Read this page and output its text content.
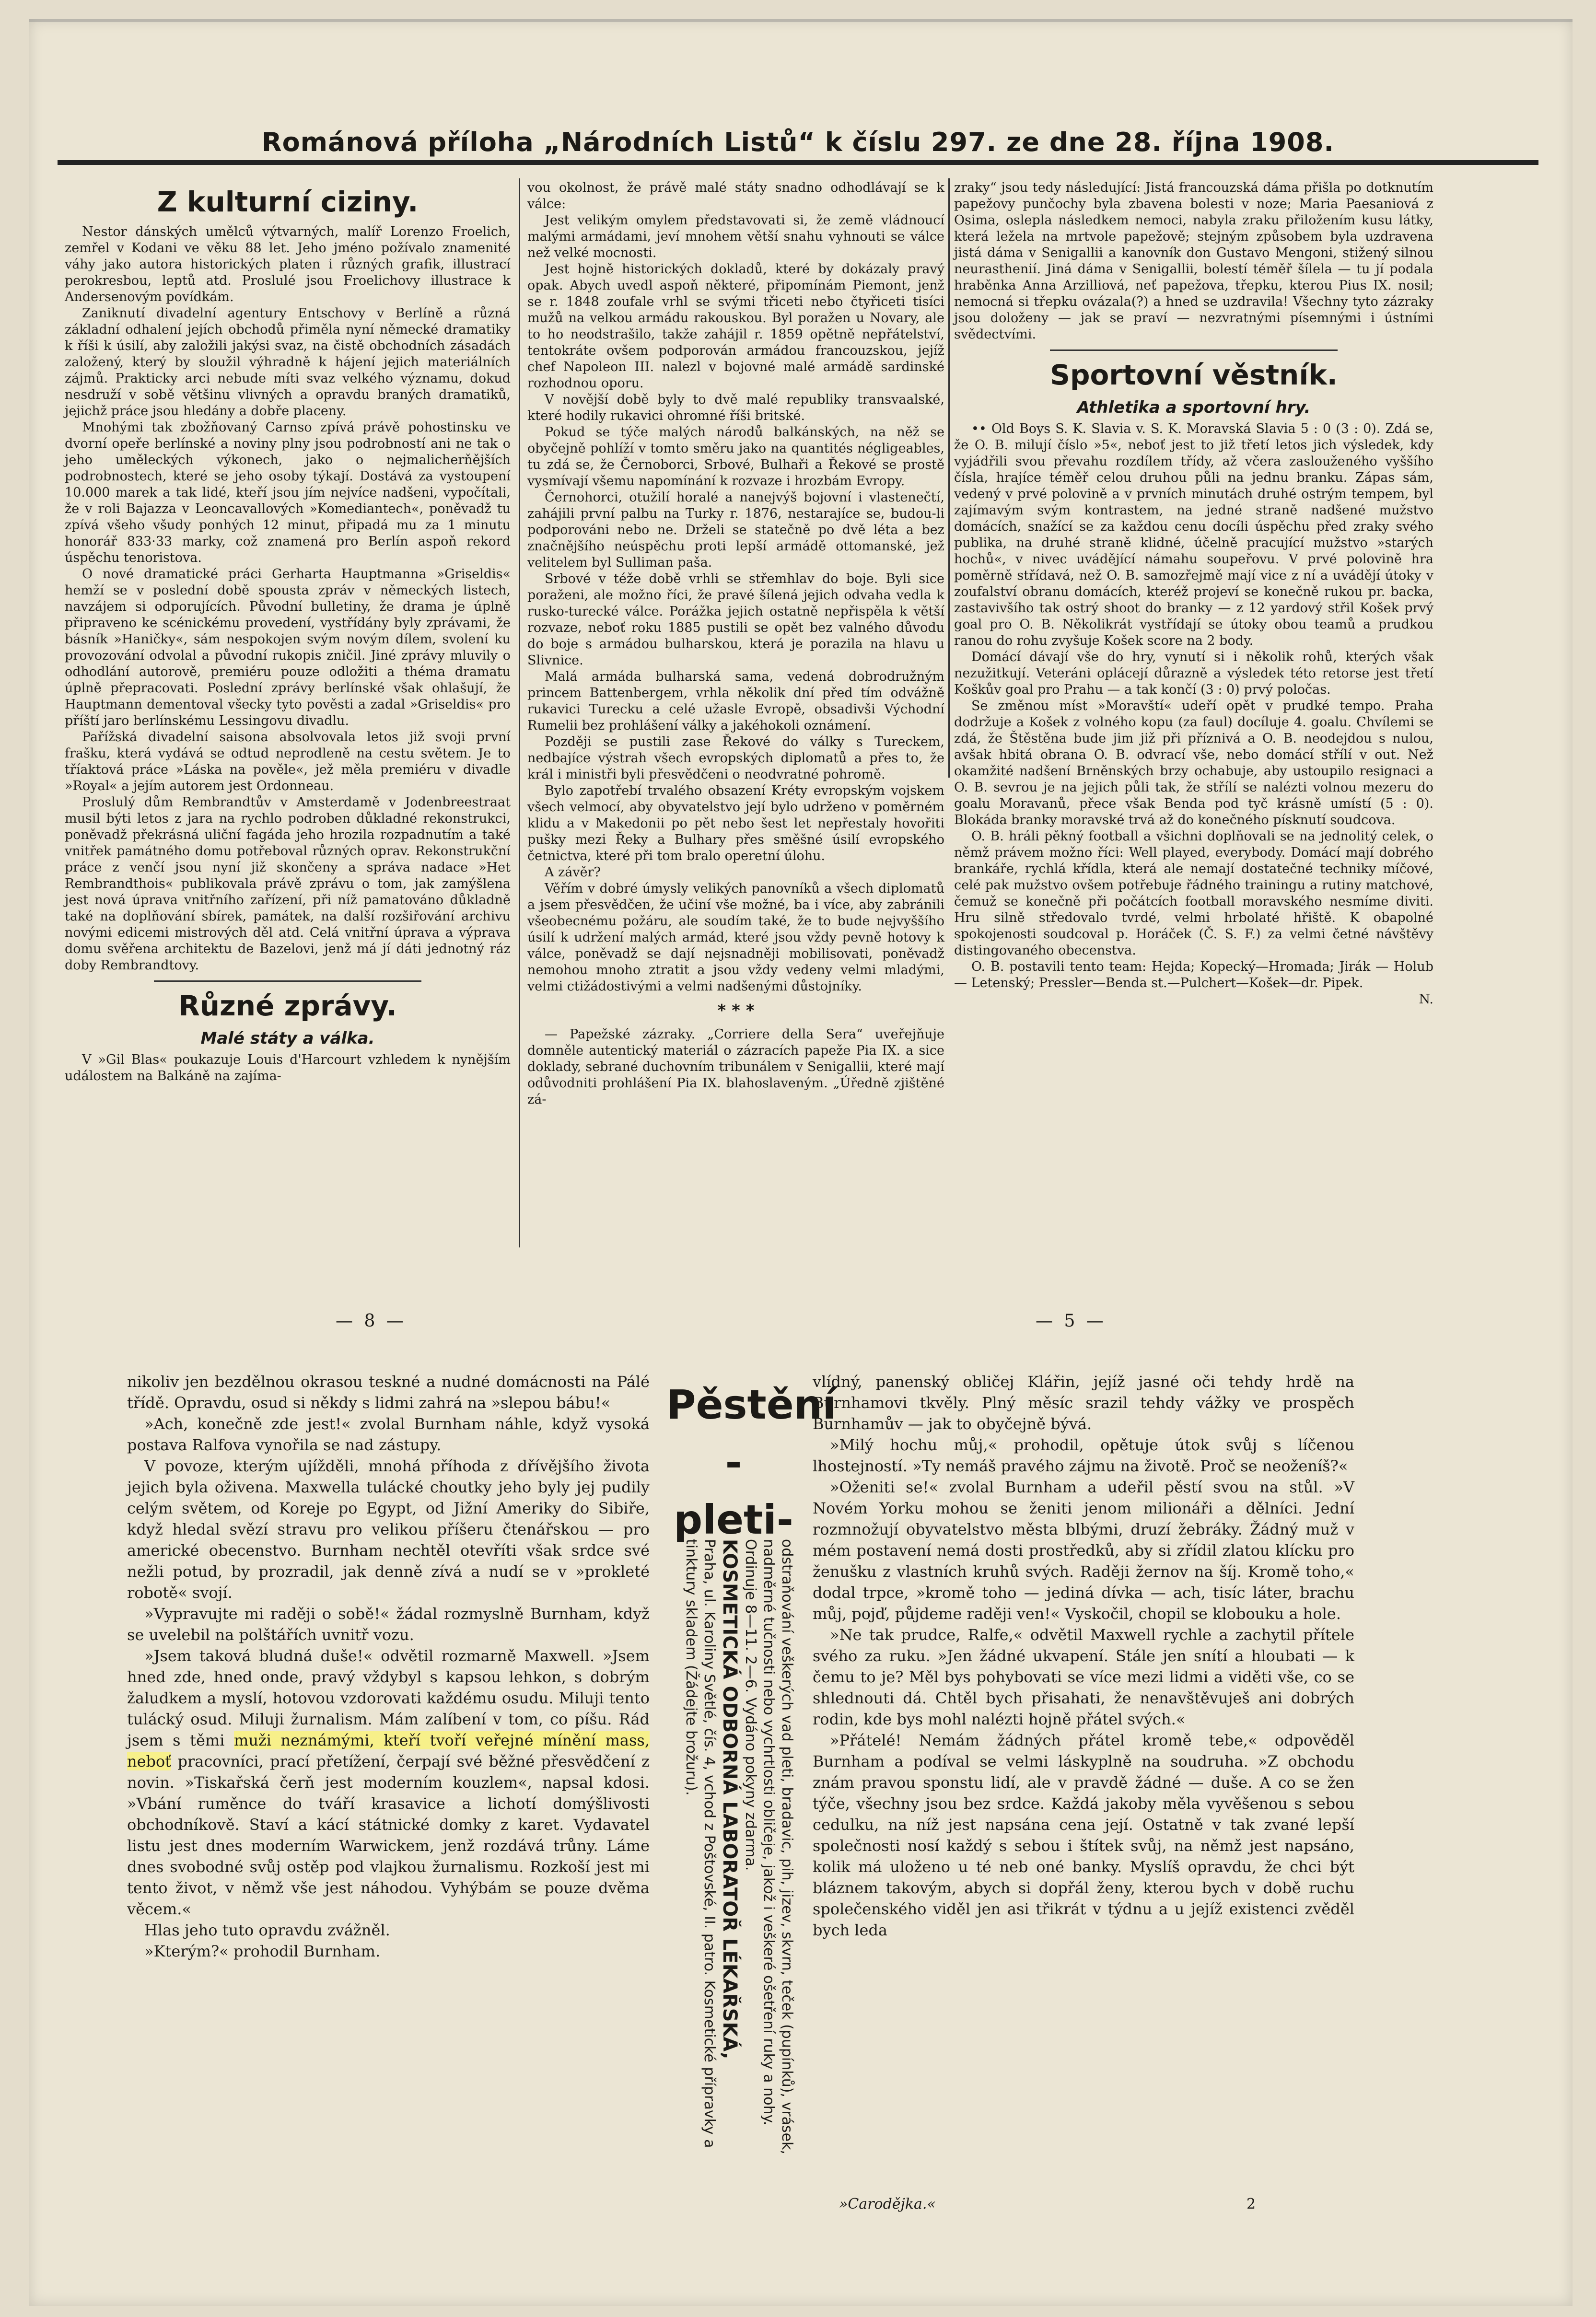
Románová příloha „Národních Listů“ k číslu 297. ze dne 28. října 1908.
Z kulturní ciziny.

Nestor dánských umělců výtvarných, malíř Lorenzo Froelich, zemřel v Kodani ve věku 88 let. Jeho jméno požívalo znamenité váhy jako autora historických platen i různých grafik, illustrací perokresbou, leptů atd. Proslulé jsou Froelichovy illustrace k Andersenovým povídkám.

Zaniknutí divadelní agentury Entschovy v Berlíně a různá základní odhalení jejích obchodů přiměla nyní německé dramatiky k říši k úsilí, aby založili jakýsi svaz, na čistě obchodních zásadách založený, který by sloužil výhradně k hájení jejich materiálních zájmů. Prakticky arci nebude míti svaz velkého významu, dokud nesdruží v sobě většinu vlivných a opravdu braných dramatiků, jejichž práce jsou hledány a dobře placeny.

Mnohými tak zbožňovaný Carnso zpívá právě pohostinsku ve dvorní opeře berlínské a noviny plny jsou podrobností ani ne tak o jeho uměleckých výkonech, jako o nejmalicherňějších podrobnostech, které se jeho osoby týkají. Dostává za vystoupení 10.000 marek a tak lidé, kteří jsou jím nejvíce nadšeni, vypočítali, že v roli Bajazza v Leoncavallových »Komediantech«, poněvadž tu zpívá všeho všudy ponhých 12 minut, připadá mu za 1 minutu honorář 833·33 marky, což znamená pro Berlín aspoň rekord úspěchu tenoristova.

O nové dramatické práci Gerharta Hauptmanna »Griseldis« hemží se v poslední době spousta zpráv v německých listech, navzájem si odporujících. Původní bulletiny, že drama je úplně připraveno ke scénickému provedení, vystřídány byly zprávami, že básník »Haničky«, sám nespokojen svým novým dílem, svolení ku provozování odvolal a původní rukopis zničil. Jiné zprávy mluvily o odhodlání autorově, premiéru pouze odložiti a théma dramatu úplně přepracovati. Poslední zprávy berlínské však ohlašují, že Hauptmann dementoval všecky tyto pověsti a zadal »Griseldis« pro příští jaro berlínskému Lessingovu divadlu.

Pařížská divadelní saisona absolvovala letos již svoji první frašku, která vydává se odtud neprodleně na cestu světem. Je to tříaktová práce »Láska na pověle«, jež měla premiéru v divadle »Royal« a jejím autorem jest Ordonneau.

Proslulý dům Rembrandtův v Amsterdamě v Jodenbreestraat musil býti letos z jara na rychlo podroben důkladné rekonstrukci, poněvadž překrásná uliční fagáda jeho hrozila rozpadnutím a také vnitřek památného domu potřeboval různých oprav. Rekonstrukční práce z venčí jsou nyní již skončeny a správa nadace »Het Rembrandthois« publikovala právě zprávu o tom, jak zamýšlena jest nová úprava vnitřního zařízení, při níž pamatováno důkladně také na doplňování sbírek, památek, na další rozšiřování archivu novými edicemi mistrových děl atd. Celá vnitřní úprava a výprava domu svěřena architektu de Bazelovi, jenž má jí dáti jednotný ráz doby Rembrandtovy.

Různé zprávy.
Malé státy a válka.

V »Gil Blas« poukazuje Louis d'Harcourt vzhledem k nynějším událostem na Balkáně na zajíma-

vou okolnost, že právě malé státy snadno odhodlávají se k válce:

Jest velikým omylem představovati si, že země vládnoucí malými armádami, jeví mnohem větší snahu vyhnouti se válce než velké mocnosti.

Jest hojně historických dokladů, které by dokázaly pravý opak. Abych uvedl aspoň některé, připomínám Piemont, jenž se r. 1848 zoufale vrhl se svými třiceti nebo čtyřiceti tisíci mužů na velkou armádu rakouskou. Byl poražen u Novary, ale to ho neodstrašilo, takže zahájil r. 1859 opětně nepřátelství, tentokráte ovšem podporován armádou francouzskou, jejíž chef Napoleon III. nalezl v bojovné malé armádě sardinské rozhodnou oporu.

V novější době byly to dvě malé republiky transvaalské, které hodily rukavici ohromné říši britské.

Pokud se týče malých národů balkánských, na něž se obyčejně pohlíží v tomto směru jako na quantités négligeables, tu zdá se, že Černoborci, Srbové, Bulhaři a Řekové se prostě vysmívají všemu napomínání k rozvaze i hrozbám Evropy.

Černohorci, otužilí horalé a nanejvýš bojovní i vlastenečtí, zahájili první palbu na Turky r. 1876, nestarajíce se, budou-li podporováni nebo ne. Drželi se statečně po dvě léta a bez značnějšího neúspěchu proti lepší armádě ottomanské, jež velitelem byl Sulliman paša.

Srbové v téže době vrhli se střemhlav do boje. Byli sice poraženi, ale možno říci, že pravé šílená jejich odvaha vedla k rusko-turecké válce. Porážka jejich ostatně nepřispěla k větší rozvaze, neboť roku 1885 pustili se opět bez valného důvodu do boje s armádou bulharskou, která je porazila na hlavu u Slivnice.

Malá armáda bulharská sama, vedená dobrodružným princem Battenbergem, vrhla několik dní před tím odvážně rukavici Turecku a celé užasle Evropě, obsadivši Východní Rumelii bez prohlášení války a jakéhokoli oznámení.

Později se pustili zase Řekové do války s Tureckem, nedbajíce výstrah všech evropských diplomatů a přes to, že král i ministři byli přesvědčeni o neodvratné pohromě.

Bylo zapotřebí trvalého obsazení Kréty evropským vojskem všech velmocí, aby obyvatelstvo její bylo udrženo v poměrném klidu a v Makedonii po pět nebo šest let nepřestaly hovořiti pušky mezi Řeky a Bulhary přes směšné úsilí evropského četnictva, které při tom bralo operetní úlohu.

A závěr?

Věřím v dobré úmysly velikých panovníků a všech diplomatů a jsem přesvědčen, že učiní vše možné, ba i více, aby zabránili všeobecnému požáru, ale soudím také, že to bude nejvyššího úsilí k udržení malých armád, které jsou vždy pevně hotovy k válce, poněvadž se dají nejsnadněji mobilisovati, poněvadž nemohou mnoho ztratit a jsou vždy vedeny velmi mladými, velmi ctižádostivými a velmi nadšenými důstojníky.

* * *

— Papežské zázraky. „Corriere della Sera“ uveřejňuje domněle autentický materiál o zázracích papeže Pia IX. a sice doklady, sebrané duchovním tribunálem v Senigallii, které mají odůvodniti prohlášení Pia IX. blahoslaveným. „Úředně zjištěné zá-

zraky“ jsou tedy následující: Jistá francouzská dáma přišla po dotknutím papežovy punčochy byla zbavena bolesti v noze; Maria Paesaniová z Osima, oslepla následkem nemoci, nabyla zraku přiložením kusu látky, která ležela na mrtvole papežově; stejným způsobem byla uzdravena jistá dáma v Senigallii a kanovník don Gustavo Mengoni, stižený silnou neurasthenií. Jiná dáma v Senigallii, bolestí téměř šílela — tu jí podala hraběnka Anna Arzilliová, neť papežova, třepku, kterou Pius IX. nosil; nemocná si třepku ovázala(?) a hned se uzdravila! Všechny tyto zázraky jsou doloženy — jak se praví — nezvratnými písemnými i ústními svědectvími.

Sportovní věstník.
Athletika a sportovní hry.

•• Old Boys S. K. Slavia v. S. K. Moravská Slavia 5 : 0 (3 : 0). Zdá se, že O. B. milují číslo »5«, neboť jest to již třetí letos jich výsledek, kdy vyjádřili svou převahu rozdílem třídy, až včera zaslouženého vyššího čísla, hrajíce téměř celou druhou půli na jednu branku. Zápas sám, vedený v prvé polovině a v prvních minutách druhé ostrým tempem, byl zajímavým svým kontrastem, na jedné straně nadšené mužstvo domácích, snažící se za každou cenu docíli úspěchu před zraky svého publika, na druhé straně klidné, účelně pracující mužstvo »starých hochů«, v nivec uvádějící námahu soupeřovu. V prvé polovině hra poměrně střídavá, než O. B. samozřejmě mají vice z ní a uvádějí útoky v zoufalství obranu domácích, kteréž projeví se konečně rukou pr. backa, zastavivšího tak ostrý shoot do branky — z 12 yardový střil Košek prvý goal pro O. B. Několikrát vystřídají se útoky obou teamů a prudkou ranou do rohu zvyšuje Košek score na 2 body.

Domácí dávají vše do hry, vynutí si i několik rohů, kterých však nezužitkují. Veteráni oplácejí důrazně a výsledek této retorse jest třetí Koškův goal pro Prahu — a tak končí (3 : 0) prvý poločas.

Se změnou míst »Moravští« udeří opět v prudké tempo. Praha dodržuje a Košek z volného kopu (za faul) docíluje 4. goalu. Chvílemi se zdá, že Štěstěna bude jim již při příznivá a O. B. neodejdou s nulou, avšak hbitá obrana O. B. odvrací vše, nebo domácí střílí v out. Než okamžité nadšení Brněnských brzy ochabuje, aby ustoupilo resignaci a O. B. sevrou je na jejich půli tak, že střílí se nalézti volnou mezeru do goalu Moravanů, přece však Benda pod tyč krásně umístí (5 : 0). Blokáda branky moravské trvá až do konečného písknutí soudcova.

O. B. hráli pěkný football a všichni doplňovali se na jednolitý celek, o němž právem možno říci: Well played, everybody. Domácí mají dobrého brankáře, rychlá křídla, která ale nemají dostatečné techniky míčové, celé pak mužstvo ovšem potřebuje řádného trainingu a rutiny matchové, čemuž se konečně při počátcích football moravského nesmíme diviti. Hru silně středovalo tvrdé, velmi hrbolaté hřiště. K obapolné spokojenosti soudcoval p. Horáček (Č. S. F.) za velmi četné návštěvy distingovaného obecenstva.

O. B. postavili tento team: Hejda; Kopecký—Hromada; Jirák — Holub — Letenský; Pressler—Benda st.—Pulchert—Košek—dr. Pipek.

N.

— 8 —	— 5 —

nikoliv jen bezdělnou okrasou teskné a nudné domácnosti na Pálé třídě. Opravdu, osud si někdy s lidmi zahrá na »slepou bábu!«

»Ach, konečně zde jest!« zvolal Burnham náhle, když vysoká postava Ralfova vynořila se nad zástupy.

V povoze, kterým ujížděli, mnohá příhoda z dřívějšího života jejich byla oživena. Maxwella tulácké choutky jeho byly jej pudily celým světem, od Koreje po Egypt, od Jižní Ameriky do Sibiře, když hledal svězí stravu pro velikou příšeru čtenářskou — pro americké obecenstvo. Burnham nechtěl otevříti však srdce své nežli potud, by prozradil, jak denně zívá a nudí se v »prokleté robotě« svojí.

»Vypravujte mi raději o sobě!« žádal rozmyslně Burnham, když se uvelebil na polštářích uvnitř vozu.

»Jsem taková bludná duše!« odvětil rozmarně Maxwell. »Jsem hned zde, hned onde, pravý vždybyl s kapsou lehkon, s dobrým žaludkem a myslí, hotovou vzdorovati každému osudu. Miluji tento tulácký osud. Miluji žurnalism. Mám zalíbení v tom, co píšu. Rád jsem s těmi muži neznámými, kteří tvoří veřejné mínění mass, neboť pracovníci, prací přetížení, čerpají své běžné přesvědčení z novin. »Tiskařská čerň jest moderním kouzlem«, napsal kdosi. »Vbání ruměnce do tváří krasavice a lichotí domýšlivosti obchodníkově. Staví a kácí státnické domky z karet. Vydavatel listu jest dnes moderním Warwickem, jenž rozdává trůny. Láme dnes svobodné svůj ostěp pod vlajkou žurnalismu. Rozkoší jest mi tento život, v němž vše jest náhodou. Vyhýbám se pouze dvěma věcem.«

Hlas jeho tuto opravdu zvážněl.

»Kterým?« prohodil Burnham.

Pěstění
-pleti-
odstraňování veškerých vad pleti, bradavic, pih, jizev, skvrn, teček (pupínků), vrásek, nadměrné tučnosti nebo vychrtlosti obličeje, jakož i veškeré ošetření ruky a nohy. Ordinuje 8—11. 2—6. Vydáno pokyny zdarma.
KOSMETICKÁ ODBORNÁ LABORATOŘ LÉKAŘSKÁ,
Praha, ul. Karoliny Světlé, čís. 4, vchod z Poštovské, II. patro. Kosmetické přípravky a tinktury skladem (Žádejte brožuru).

vlídný, panenský obličej Klářin, jejíž jasné oči tehdy hrdě na Burnhamovi tkvěly. Plný měsíc srazil tehdy vážky ve prospěch Burnhamův — jak to obyčejně bývá.

»Milý hochu můj,« prohodil, opětuje útok svůj s líčenou lhostejností. »Ty nemáš pravého zájmu na životě. Proč se neoženíš?«

»Oženiti se!« zvolal Burnham a udeřil pěstí svou na stůl. »V Novém Yorku mohou se ženiti jenom milionáři a dělníci. Jední rozmnožují obyvatelstvo města blbými, druzí žebráky. Žádný muž v mém postavení nemá dosti prostředků, aby si zřídil zlatou klícku pro ženušku z vlastních kruhů svých. Raději žernov na šíj. Kromě toho,« dodal trpce, »kromě toho — jediná dívka — ach, tisíc láter, brachu můj, pojď, půjdeme raději ven!« Vyskočil, chopil se klobouku a hole.

»Ne tak prudce, Ralfe,« odvětil Maxwell rychle a zachytil přítele svého za ruku. »Jen žádné ukvapení. Stále jen snítí a hloubati — k čemu to je? Měl bys pohybovati se více mezi lidmi a viděti vše, co se shlednouti dá. Chtěl bych přisahati, že nenavštěvuješ ani dobrých rodin, kde bys mohl nalézti hojně přátel svých.«

»Přátelé! Nemám žádných přátel kromě tebe,« odpověděl Burnham a podíval se velmi láskyplně na soudruha. »Z obchodu znám pravou sponstu lidí, ale v pravdě žádné — duše. A co se žen týče, všechny jsou bez srdce. Každá jakoby měla vyvěšenou s sebou cedulku, na níž jest napsána cena její. Ostatně v tak zvané lepší společnosti nosí každý s sebou i štítek svůj, na němž jest napsáno, kolik má uloženo u té neb oné banky. Myslíš opravdu, že chci být bláznem takovým, abych si dopřál ženy, kterou bych v době ruchu společenského viděl jen asi třikrát v týdnu a u jejíž existenci zvěděl bych leda

»Carodějka.«	2
